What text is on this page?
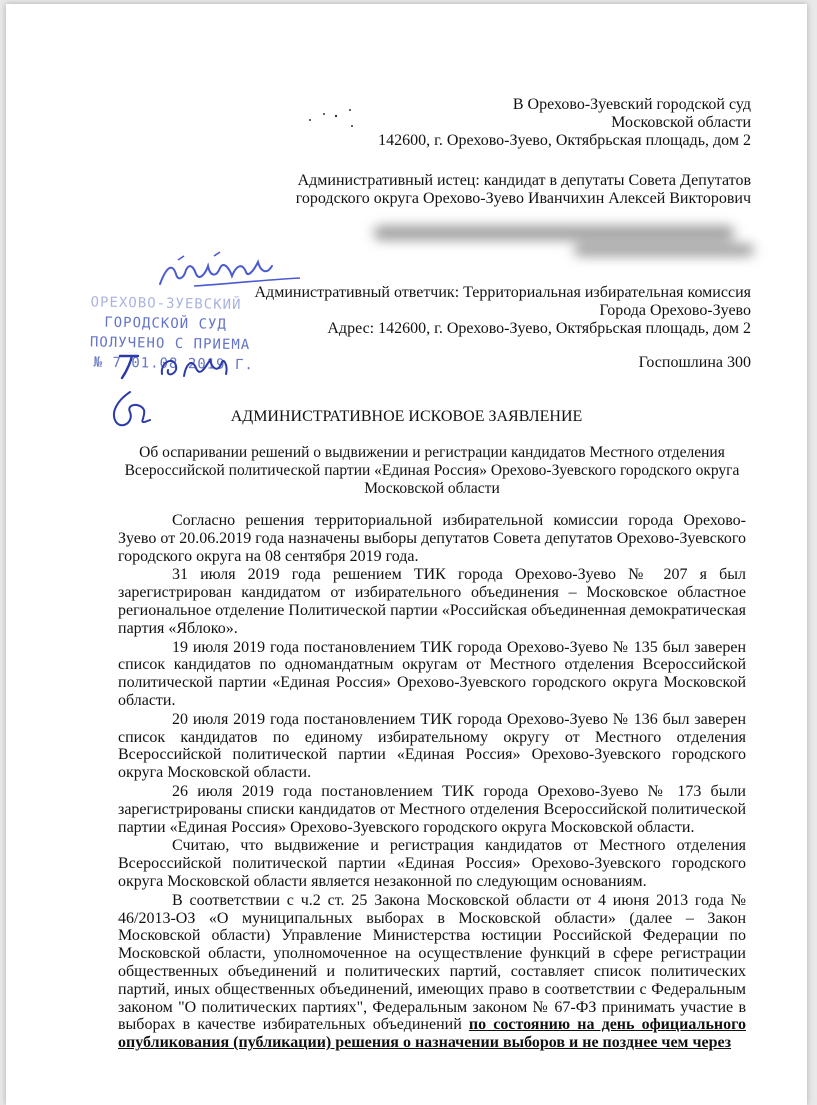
В Орехово-Зуевский городской суд
Московской области
142600, г. Орехово-Зуево, Октябрьская площадь, дом 2
Административный истец: кандидат в депутаты Совета Депутатов
городского округа Орехово-Зуево Иванчихин Алексей Викторович
ОРЕХОВО-ЗУЕВСКИЙ
ГОРОДСКОЙ СУД
ПОЛУЧЕНО С ПРИЕМА
№ 7 01.08 2019 Г.
Административный ответчик: Территориальная избирательная комиссия
Города Орехово-Зуево
Адрес: 142600, г. Орехово-Зуево, Октябрьская площадь, дом 2
Госпошлина 300
АДМИНИСТРАТИВНОЕ ИСКОВОЕ ЗАЯВЛЕНИЕ
Об оспаривании решений о выдвижении и регистрации кандидатов Местного отделения
Всероссийской политической партии «Единая Россия» Орехово-Зуевского городского округа
Московской области

Согласно решения территориальной избирательной комиссии города Орехово-Зуево от 20.06.2019 года назначены выборы депутатов Совета депутатов Орехово-Зуевского городского округа на 08 сентября 2019 года.

31 июля 2019 года решением ТИК города Орехово-Зуево № 207 я был зарегистрирован кандидатом от избирательного объединения – Московское областное региональное отделение Политической партии «Российская объединенная демократическая партия «Яблоко».

19 июля 2019 года постановлением ТИК города Орехово-Зуево № 135 был заверен список кандидатов по одномандатным округам от Местного отделения Всероссийской политической партии «Единая Россия» Орехово-Зуевского городского округа Московской области.

20 июля 2019 года постановлением ТИК города Орехово-Зуево № 136 был заверен список кандидатов по единому избирательному округу от Местного отделения Всероссийской политической партии «Единая Россия» Орехово-Зуевского городского округа Московской области.

26 июля 2019 года постановлением ТИК города Орехово-Зуево № 173 были зарегистрированы списки кандидатов от Местного отделения Всероссийской политической партии «Единая Россия» Орехово-Зуевского городского округа Московской области.

Считаю, что выдвижение и регистрация кандидатов от Местного отделения Всероссийской политической партии «Единая Россия» Орехово-Зуевского городского округа Московской области является незаконной по следующим основаниям.

В соответствии с ч.2 ст. 25 Закона Московской области от 4 июня 2013 года № 46/2013-ОЗ «О муниципальных выборах в Московской области» (далее – Закон Московской области) Управление Министерства юстиции Российской Федерации по Московской области, уполномоченное на осуществление функций в сфере регистрации общественных объединений и политических партий, составляет список политических партий, иных общественных объединений, имеющих право в соответствии с Федеральным законом "О политических партиях", Федеральным законом № 67-ФЗ принимать участие в выборах в качестве избирательных объединений по состоянию на день официального опубликования (публикации) решения о назначении выборов и не позднее чем через
